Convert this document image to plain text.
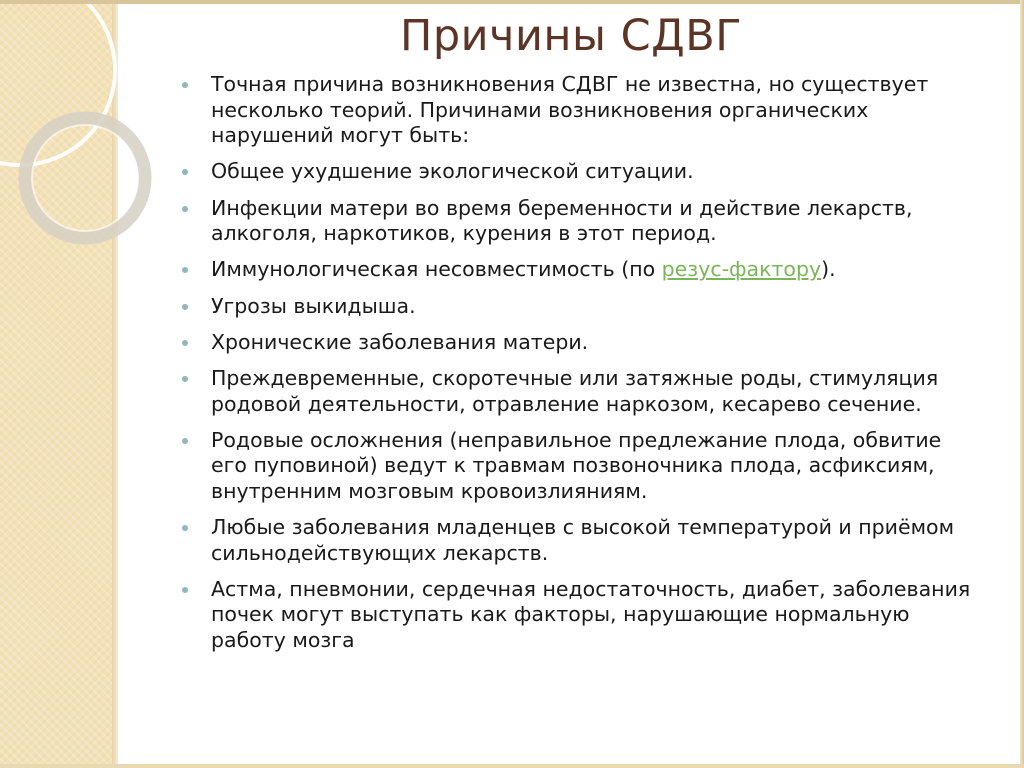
Причины СДВГ
Точная причина возникновения СДВГ не известна, но существует несколько теорий. Причинами возникновения органических нарушений могут быть:
Общее ухудшение экологической ситуации.
Инфекции матери во время беременности и действие лекарств, алкоголя, наркотиков, курения в этот период.
Иммунологическая несовместимость (по резус-фактору).
Угрозы выкидыша.
Хронические заболевания матери.
Преждевременные, скоротечные или затяжные роды, стимуляция родовой деятельности, отравление наркозом, кесарево сечение.
Родовые осложнения (неправильное предлежание плода, обвитие его пуповиной) ведут к травмам позвоночника плода, асфиксиям, внутренним мозговым кровоизлияниям.
Любые заболевания младенцев с высокой температурой и приёмом сильнодействующих лекарств.
Астма, пневмонии, сердечная недостаточность, диабет, заболевания почек могут выступать как факторы, нарушающие нормальную работу мозга
